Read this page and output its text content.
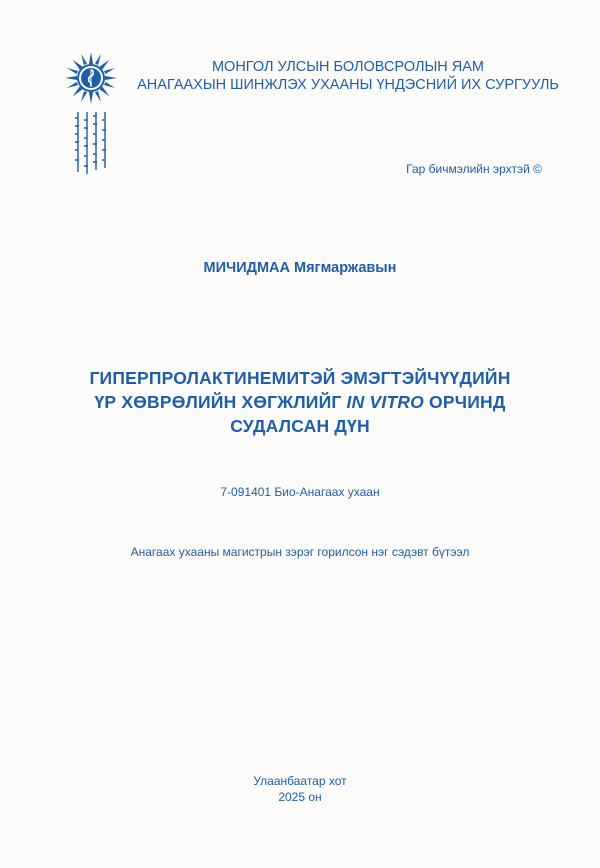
МОНГОЛ УЛСЫН БОЛОВСРОЛЫН ЯАМ
АНАГААХЫН ШИНЖЛЭХ УХААНЫ ҮНДЭСНИЙ ИХ СУРГУУЛЬ
Гар бичмэлийн эрхтэй ©
МИЧИДМАА Мягмаржавын
ГИПЕРПРОЛАКТИНЕМИТЭЙ ЭМЭГТЭЙЧҮҮДИЙН
ҮР ХӨВРӨЛИЙН ХӨГЖЛИЙГ IN VITRO ОРЧИНД
СУДАЛСАН ДҮН
7-091401 Био-Анагаах ухаан
Анагаах ухааны магистрын зэрэг горилсон нэг сэдэвт бүтээл
Улаанбаатар хот
2025 он
